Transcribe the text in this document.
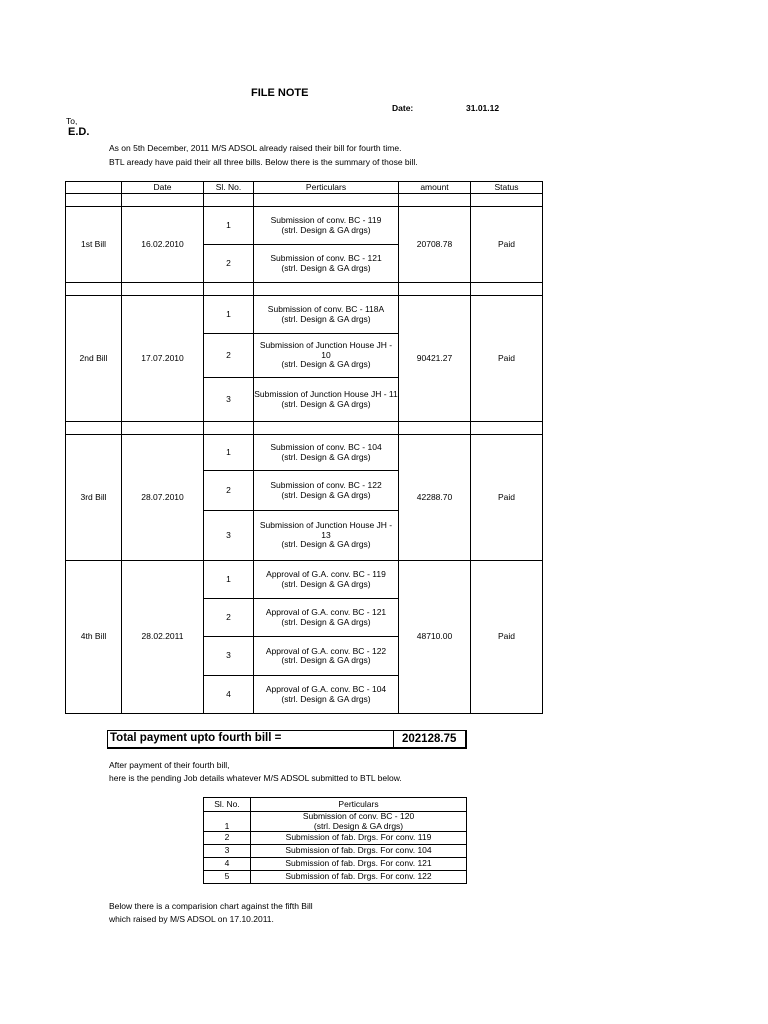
FILE NOTE
Date:	31.01.12
To,
E.D.
As on 5th December, 2011 M/S ADSOL already raised their bill for fourth time.
BTL aready have paid their all three bills. Below there is the summary of those bill.
	Date	Sl. No.	Perticulars	amount	Status

1st Bill	16.02.2010	1	Submission of conv. BC - 119
(strl. Design & GA drgs)	20708.78	Paid
		2	Submission of conv. BC - 121
(strl. Design & GA drgs)		

2nd Bill	17.07.2010	1	Submission of conv. BC - 118A
(strl. Design & GA drgs)	90421.27	Paid
		2	Submission of Junction House JH - 10
(strl. Design & GA drgs)		

		3	Submission of Junction House JH - 11
(strl. Design & GA drgs)		

3rd Bill	28.07.2010	1	Submission of conv. BC - 104
(strl. Design & GA drgs)	42288.70	Paid
		2	Submission of conv. BC - 122
(strl. Design & GA drgs)		

		3	Submission of Junction House JH - 13
(strl. Design & GA drgs)		

4th Bill	28.02.2011	1	Approval of G.A. conv. BC - 119
(strl. Design & GA drgs)	48710.00	Paid
		2	Approval of G.A. conv. BC - 121
(strl. Design & GA drgs)		

		3	Approval of G.A. conv. BC - 122
(strl. Design & GA drgs)		

		4	Approval of G.A. conv. BC - 104
(strl. Design & GA drgs)		
Total payment upto fourth bill =	202128.75
After payment of their fourth bill,
here is the pending Job details whatever M/S ADSOL submitted to BTL below.
Sl. No.	Perticulars
1	Submission of conv. BC - 120
(strl. Design & GA drgs)

2	Submission of fab. Drgs. For conv. 119
3	Submission of fab. Drgs. For conv. 104
4	Submission of fab. Drgs. For conv. 121
5	Submission of fab. Drgs. For conv. 122
Below there is a comparision chart against the fifth Bill
which raised by M/S ADSOL on 17.10.2011.
